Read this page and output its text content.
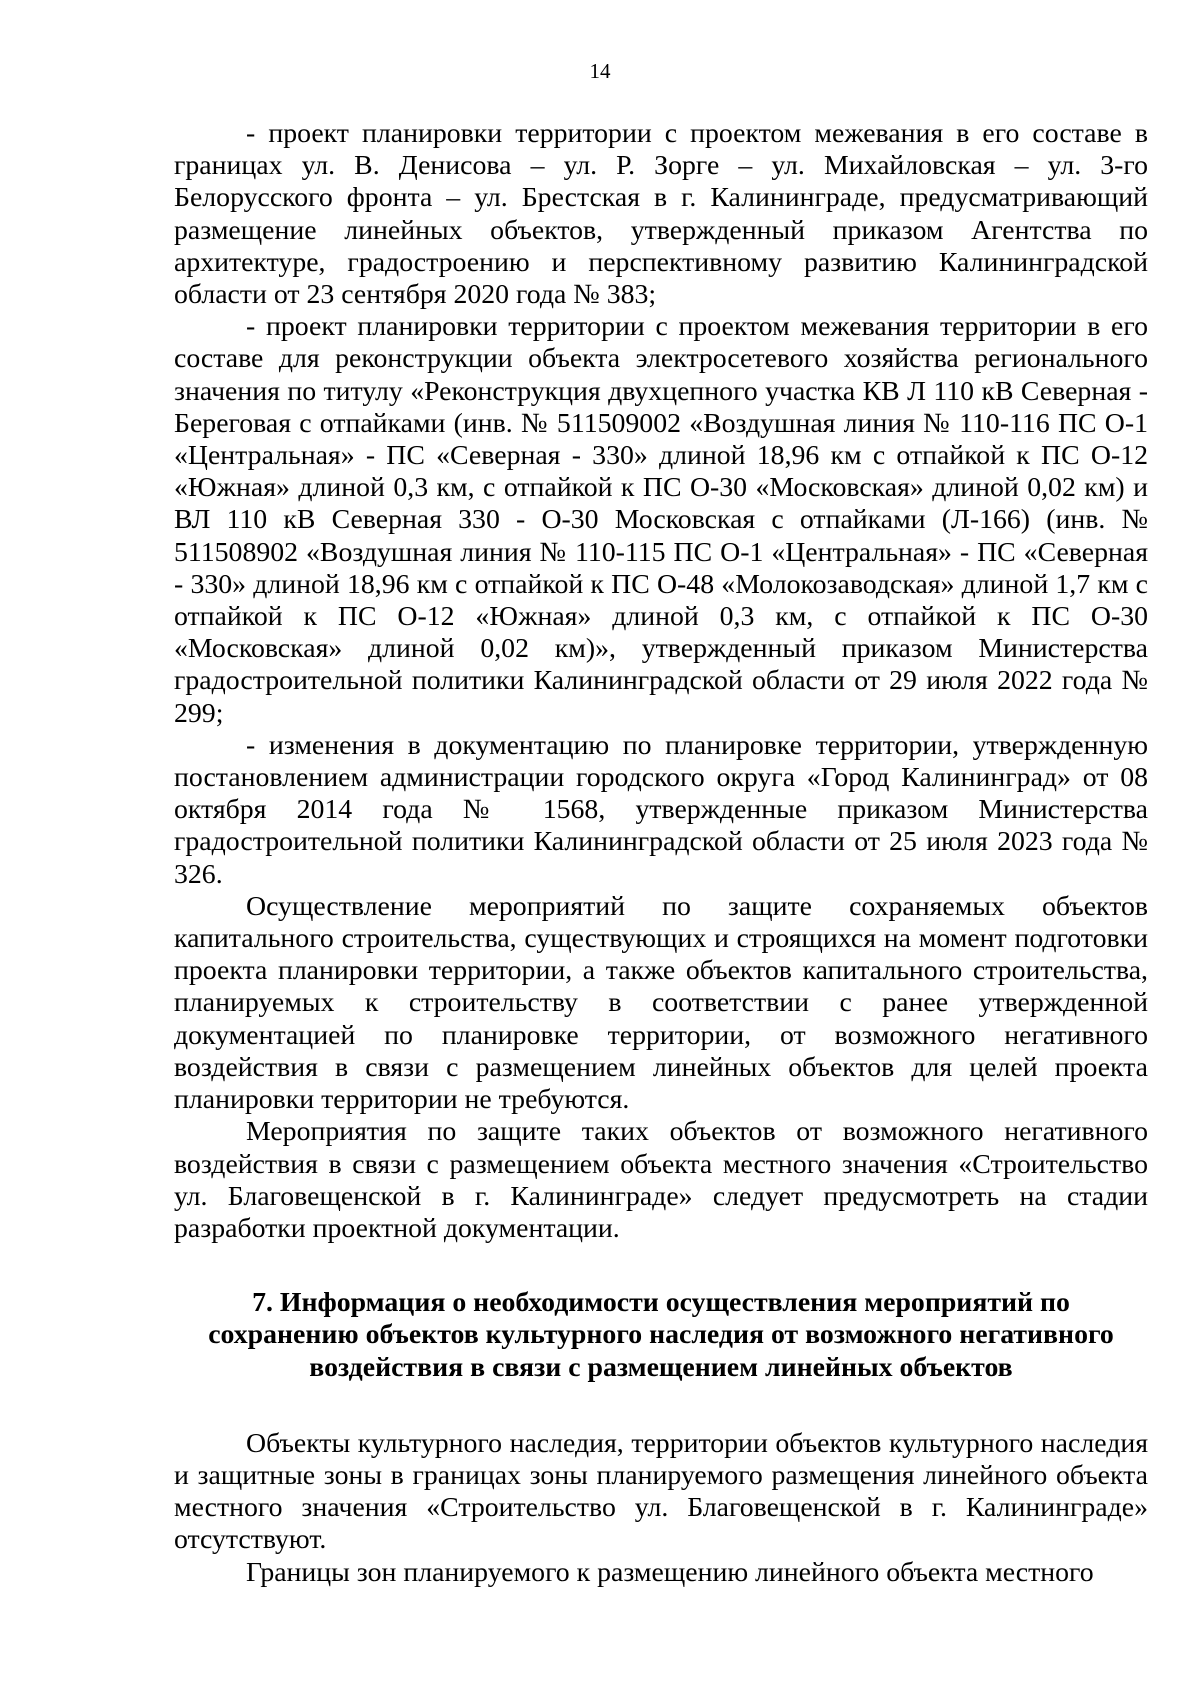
14

- проект планировки территории с проектом межевания в его составе в границах ул. В. Денисова – ул. Р. Зорге – ул. Михайловская – ул. 3-го Белорусского фронта – ул. Брестская в г. Калининграде, предусматривающий размещение линейных объектов, утвержденный приказом Агентства по архитектуре, градостроению и перспективному развитию Калининградской области от 23 сентября 2020 года № 383;

- проект планировки территории с проектом межевания территории в его составе для реконструкции объекта электросетевого хозяйства регионального значения по титулу «Реконструкция двухцепного участка КВ Л 110 кВ Северная - Береговая с отпайками (инв. № 511509002 «Воздушная линия № 110-116 ПС О-1 «Центральная» - ПС «Северная - 330» длиной 18,96 км с отпайкой к ПС О-12 «Южная» длиной 0,3 км, с отпайкой к ПС О-30 «Московская» длиной 0,02 км) и ВЛ 110 кВ Северная 330 - О-30 Московская с отпайками (Л-166) (инв. № 511508902 «Воздушная линия № 110-115 ПС О-1 «Центральная» - ПС «Северная - 330» длиной 18,96 км с отпайкой к ПС О-48 «Молокозаводская» длиной 1,7 км с отпайкой к ПС О-12 «Южная» длиной 0,3 км, с отпайкой к ПС О-30 «Московская» длиной 0,02 км)», утвержденный приказом Министерства градостроительной политики Калининградской области от 29 июля 2022 года № 299;

- изменения в документацию по планировке территории, утвержденную постановлением администрации городского округа «Город Калининград» от 08 октября 2014 года № 1568, утвержденные приказом Министерства градостроительной политики Калининградской области от 25 июля 2023 года № 326.

Осуществление мероприятий по защите сохраняемых объектов капитального строительства, существующих и строящихся на момент подготовки проекта планировки территории, а также объектов капитального строительства, планируемых к строительству в соответствии с ранее утвержденной документацией по планировке территории, от возможного негативного воздействия в связи с размещением линейных объектов для целей проекта планировки территории не требуются.

Мероприятия по защите таких объектов от возможного негативного воздействия в связи с размещением объекта местного значения «Строительство ул. Благовещенской в г. Калининграде» следует предусмотреть на стадии разработки проектной документации.

7. Информация о необходимости осуществления мероприятий по сохранению объектов культурного наследия от возможного негативного воздействия в связи с размещением линейных объектов

Объекты культурного наследия, территории объектов культурного наследия и защитные зоны в границах зоны планируемого размещения линейного объекта местного значения «Строительство ул. Благовещенской в г. Калининграде» отсутствуют.

Границы зон планируемого к размещению линейного объекта местного
